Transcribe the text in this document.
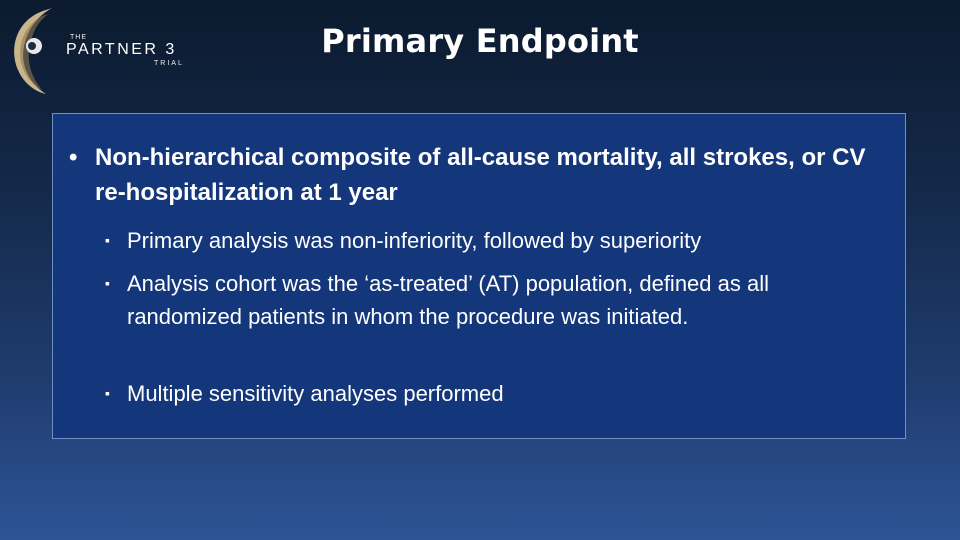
THE
PARTNER 3
TRIAL
Primary Endpoint
• Non-hierarchical composite of all-cause mortality, all strokes, or CV re-hospitalization at 1 year
▪ Primary analysis was non-inferiority, followed by superiority
▪ Analysis cohort was the ‘as-treated’ (AT) population, defined as all randomized patients in whom the procedure was initiated.
▪ Multiple sensitivity analyses performed
